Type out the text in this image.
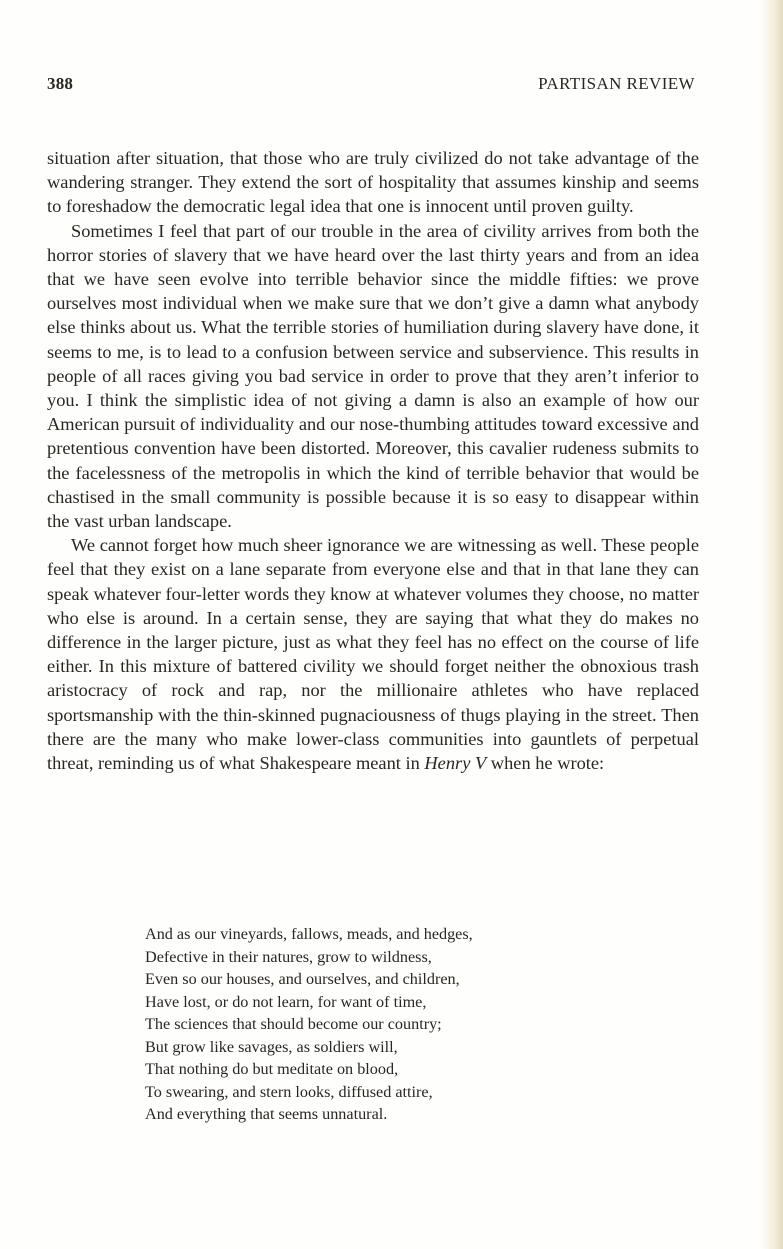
388	PARTISAN REVIEW

situation after situation, that those who are truly civilized do not take advantage of the wandering stranger. They extend the sort of hospitality that assumes kinship and seems to foreshadow the democratic legal idea that one is innocent until proven guilty.

Sometimes I feel that part of our trouble in the area of civility arrives from both the horror stories of slavery that we have heard over the last thirty years and from an idea that we have seen evolve into terrible behavior since the middle fifties: we prove ourselves most individual when we make sure that we don’t give a damn what anybody else thinks about us. What the terrible stories of humiliation during slavery have done, it seems to me, is to lead to a confusion between service and subservience. This results in people of all races giving you bad service in order to prove that they aren’t inferior to you. I think the simplistic idea of not giving a damn is also an example of how our American pursuit of individuality and our nose-thumbing attitudes toward excessive and pretentious convention have been distorted. Moreover, this cavalier rudeness submits to the facelessness of the metropolis in which the kind of terrible behavior that would be chastised in the small community is possible because it is so easy to disappear within the vast urban landscape.

We cannot forget how much sheer ignorance we are witnessing as well. These people feel that they exist on a lane separate from everyone else and that in that lane they can speak whatever four-letter words they know at whatever volumes they choose, no matter who else is around. In a certain sense, they are saying that what they do makes no difference in the larger picture, just as what they feel has no effect on the course of life either. In this mixture of battered civility we should forget neither the obnoxious trash aristocracy of rock and rap, nor the millionaire athletes who have replaced sportsmanship with the thin-skinned pugnaciousness of thugs playing in the street. Then there are the many who make lower-class communities into gauntlets of perpetual threat, reminding us of what Shakespeare meant in Henry V when he wrote:

And as our vineyards, fallows, meads, and hedges,
Defective in their natures, grow to wildness,
Even so our houses, and ourselves, and children,
Have lost, or do not learn, for want of time,
The sciences that should become our country;
But grow like savages, as soldiers will,
That nothing do but meditate on blood,
To swearing, and stern looks, diffused attire,
And everything that seems unnatural.
